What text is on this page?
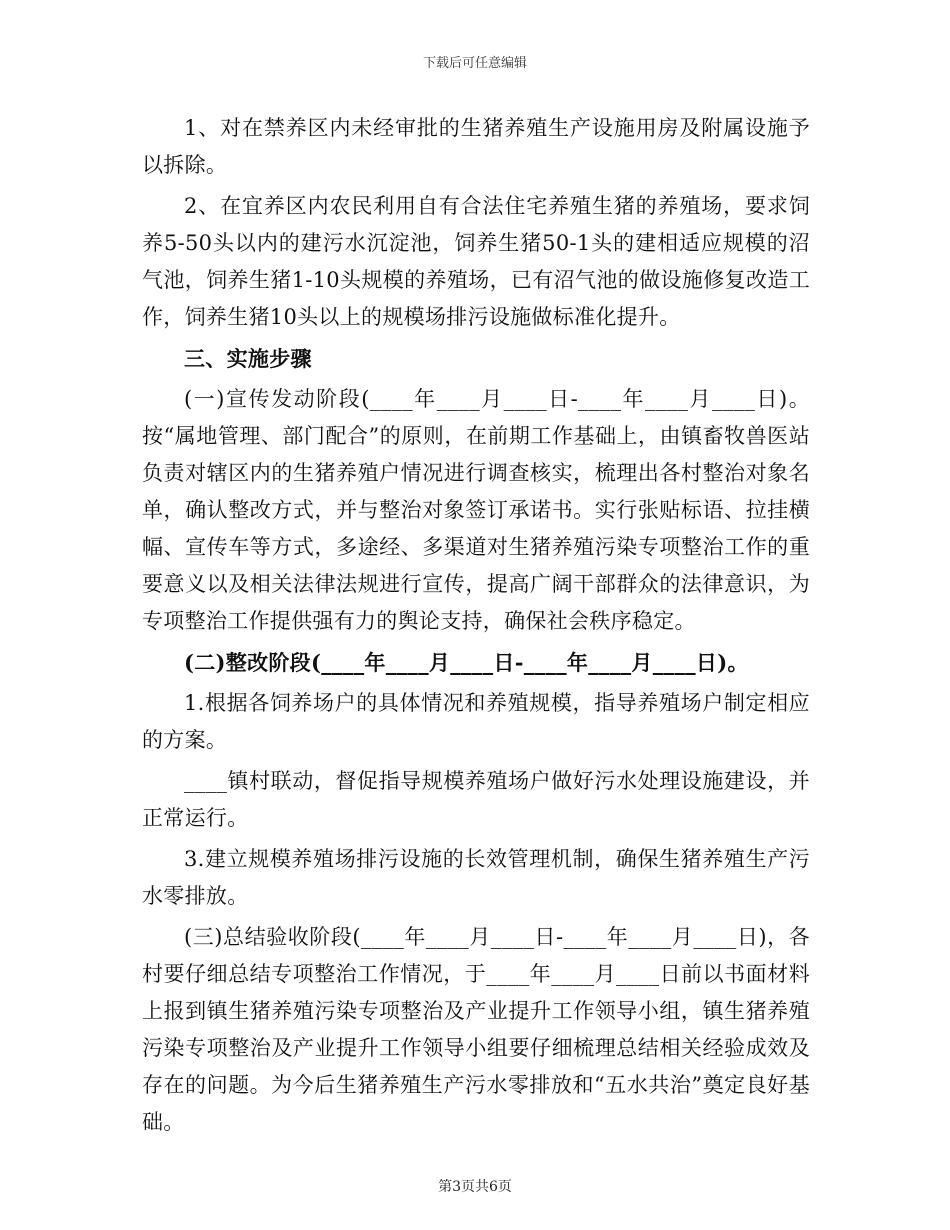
下载后可任意编辑

1、对在禁养区内未经审批的生猪养殖生产设施用房及附属设施予以拆除。

2、在宜养区内农民利用自有合法住宅养殖生猪的养殖场，要求饲养5-50头以内的建污水沉淀池，饲养生猪50-1头的建相适应规模的沼气池，饲养生猪1-10头规模的养殖场，已有沼气池的做设施修复改造工作，饲养生猪10头以上的规模场排污设施做标准化提升。

三、实施步骤

(一)宣传发动阶段(____年____月____日-____年____月____日)。按“属地管理、部门配合”的原则，在前期工作基础上，由镇畜牧兽医站负责对辖区内的生猪养殖户情况进行调查核实，梳理出各村整治对象名单，确认整改方式，并与整治对象签订承诺书。实行张贴标语、拉挂横幅、宣传车等方式，多途经、多渠道对生猪养殖污染专项整治工作的重要意义以及相关法律法规进行宣传，提高广阔干部群众的法律意识，为专项整治工作提供强有力的舆论支持，确保社会秩序稳定。

(二)整改阶段(____年____月____日-____年____月____日)。

1.根据各饲养场户的具体情况和养殖规模，指导养殖场户制定相应的方案。

____镇村联动，督促指导规模养殖场户做好污水处理设施建设，并正常运行。

3.建立规模养殖场排污设施的长效管理机制，确保生猪养殖生产污水零排放。

(三)总结验收阶段(____年____月____日-____年____月____日)，各村要仔细总结专项整治工作情况，于____年____月____日前以书面材料上报到镇生猪养殖污染专项整治及产业提升工作领导小组，镇生猪养殖污染专项整治及产业提升工作领导小组要仔细梳理总结相关经验成效及存在的问题。为今后生猪养殖生产污水零排放和“五水共治”奠定良好基础。

第3页共6页
